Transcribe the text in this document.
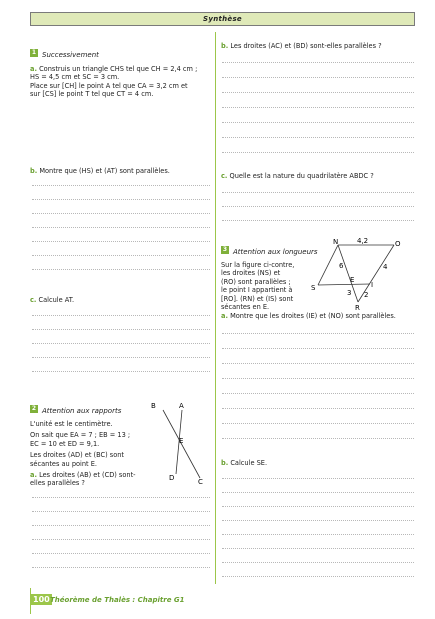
Synthèse
1 Successivement
a. Construis un triangle CHS tel que CH = 2,4 cm ;
HS = 4,5 cm et SC = 3 cm.
Place sur [CH] le point A tel que CA = 3,2 cm et
sur [CS] le point T tel que CT = 4 cm.
b. Montre que (HS) et (AT) sont parallèles.
c. Calcule AT.
2 Attention aux rapports
L'unité est le centimètre.
On sait que EA = 7 ; EB = 13 ;
EC = 10 et ED = 9,1.
Les droites (AD) et (BC) sont
sécantes au point E.
a. Les droites (AB) et (CD) sont-
elles parallèles ?
B	A
E
D	C
b. Les droites (AC) et (BD) sont-elles parallèles ?
c. Quelle est la nature du quadrilatère ABDC ?
3 Attention aux longueurs
Sur la figure ci-contre,
les droites (NS) et
(RO) sont parallèles ;
le point I appartient à
[RO]. (RN) et (IS) sont
sécantes en E.
N	O
S
E
I
R
4,2
6	4
3 2
a. Montre que les droites (IE) et (NO) sont parallèles.
b. Calcule SE.
100 Théorème de Thalès : Chapitre G1
